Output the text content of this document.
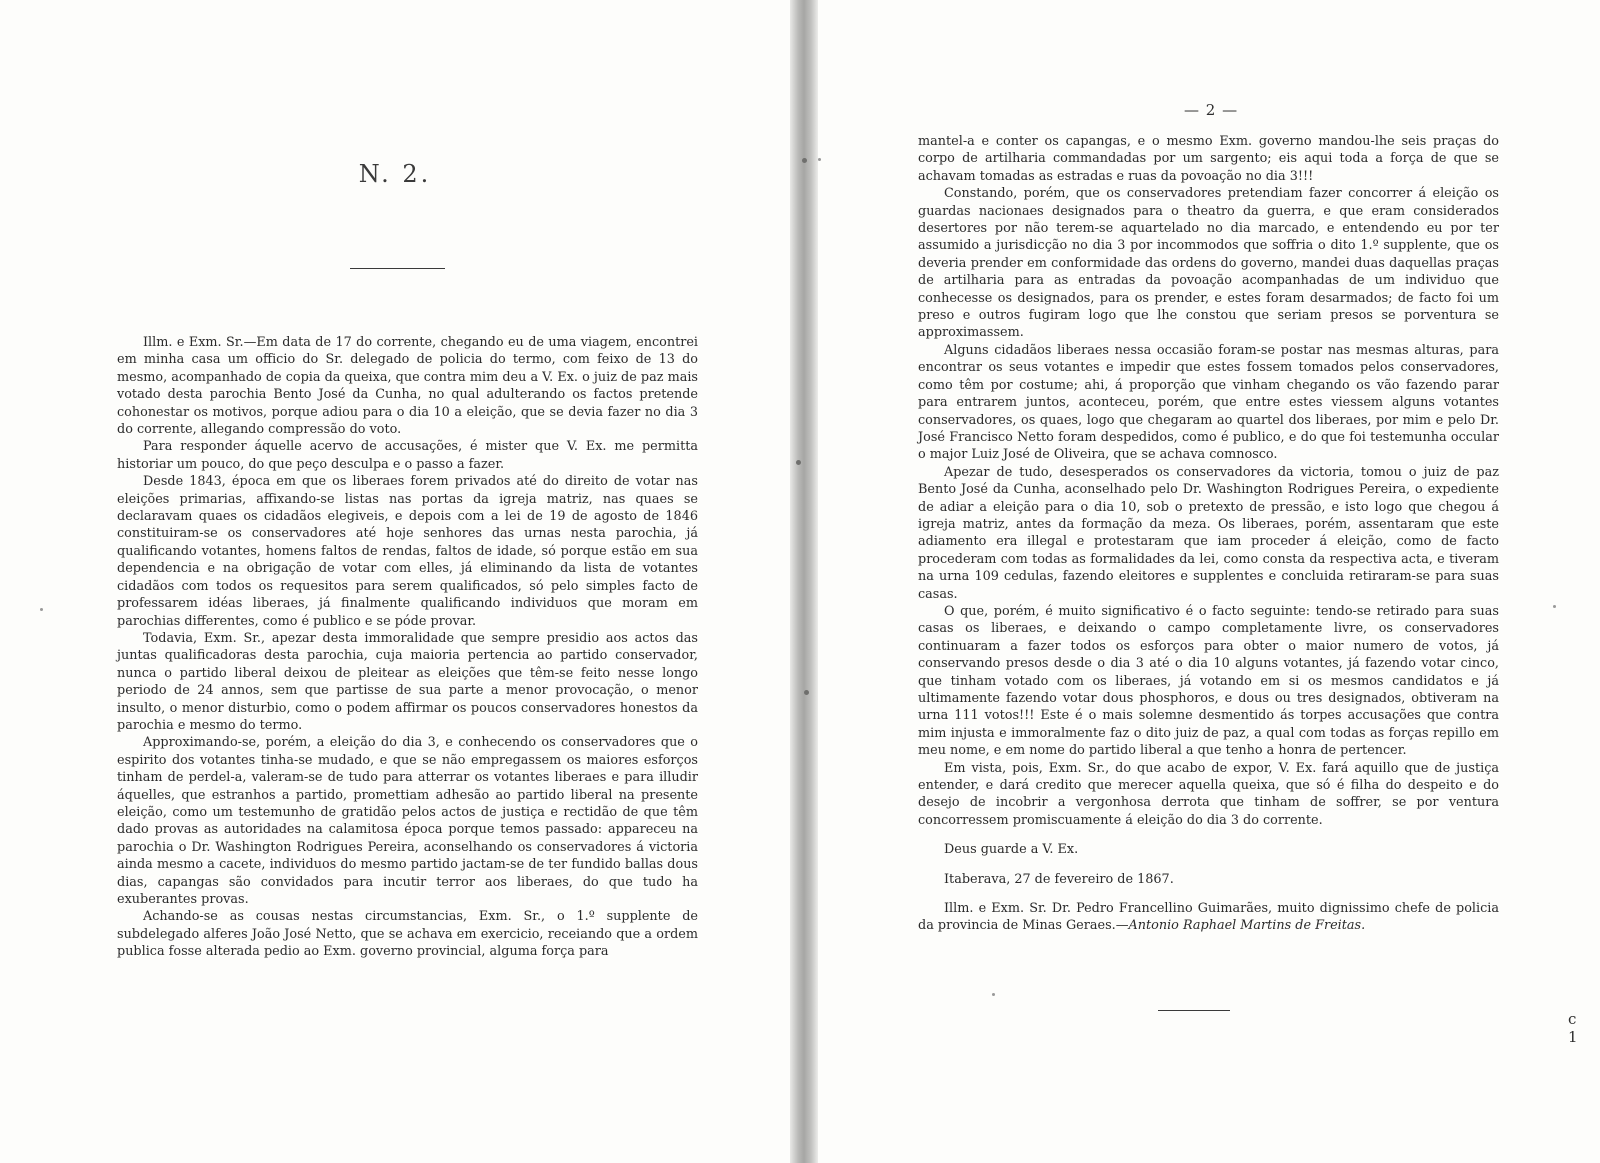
N. 2.

Illm. e Exm. Sr.—Em data de 17 do corrente, chegando eu de uma viagem, encontrei em minha casa um officio do Sr. delegado de policia do termo, com feixo de 13 do mesmo, acompanhado de copia da queixa, que contra mim deu a V. Ex. o juiz de paz mais votado desta parochia Bento José da Cunha, no qual adulterando os factos pretende cohonestar os motivos, porque adiou para o dia 10 a eleição, que se devia fazer no dia 3 do corrente, allegando compressão do voto.

Para responder áquelle acervo de accusações, é mister que V. Ex. me permitta historiar um pouco, do que peço desculpa e o passo a fazer.

Desde 1843, época em que os liberaes forem privados até do direito de votar nas eleições primarias, affixando-se listas nas portas da igreja matriz, nas quaes se declaravam quaes os cidadãos elegiveis, e depois com a lei de 19 de agosto de 1846 constituiram-se os conservadores até hoje senhores das urnas nesta parochia, já qualificando votantes, homens faltos de rendas, faltos de idade, só porque estão em sua dependencia e na obrigação de votar com elles, já eliminando da lista de votantes cidadãos com todos os requesitos para serem qualificados, só pelo simples facto de professarem idéas liberaes, já finalmente qualificando individuos que moram em parochias differentes, como é publico e se póde provar.

Todavia, Exm. Sr., apezar desta immoralidade que sempre presidio aos actos das juntas qualificadoras desta parochia, cuja maioria pertencia ao partido conservador, nunca o partido liberal deixou de pleitear as eleições que têm-se feito nesse longo periodo de 24 annos, sem que partisse de sua parte a menor provocação, o menor insulto, o menor disturbio, como o podem affirmar os poucos conservadores honestos da parochia e mesmo do termo.

Approximando-se, porém, a eleição do dia 3, e conhecendo os conservadores que o espirito dos votantes tinha-se mudado, e que se não empregassem os maiores esforços tinham de perdel-a, valeram-se de tudo para atterrar os votantes liberaes e para illudir áquelles, que estranhos a partido, promettiam adhesão ao partido liberal na presente eleição, como um testemunho de gratidão pelos actos de justiça e rectidão de que têm dado provas as autoridades na calamitosa época porque temos passado: appareceu na parochia o Dr. Washington Rodrigues Pereira, aconselhando os conservadores á victoria ainda mesmo a cacete, individuos do mesmo partido jactam-se de ter fundido ballas dous dias, capangas são convidados para incutir terror aos liberaes, do que tudo ha exuberantes provas.

Achando-se as cousas nestas circumstancias, Exm. Sr., o 1.º supplente de subdelegado alferes João José Netto, que se achava em exercicio, receiando que a ordem publica fosse alterada pedio ao Exm. governo provincial, alguma força para

— 2 —

mantel-a e conter os capangas, e o mesmo Exm. governo mandou-lhe seis praças do corpo de artilharia commandadas por um sargento; eis aqui toda a força de que se achavam tomadas as estradas e ruas da povoação no dia 3!!!

Constando, porém, que os conservadores pretendiam fazer concorrer á eleição os guardas nacionaes designados para o theatro da guerra, e que eram considerados desertores por não terem-se aquartelado no dia marcado, e entendendo eu por ter assumido a jurisdicção no dia 3 por incommodos que soffria o dito 1.º supplente, que os deveria prender em conformidade das ordens do governo, mandei duas daquellas praças de artilharia para as entradas da povoação acompanhadas de um individuo que conhecesse os designados, para os prender, e estes foram desarmados; de facto foi um preso e outros fugiram logo que lhe constou que seriam presos se porventura se approximassem.

Alguns cidadãos liberaes nessa occasião foram-se postar nas mesmas alturas, para encontrar os seus votantes e impedir que estes fossem tomados pelos conservadores, como têm por costume; ahi, á proporção que vinham chegando os vão fazendo parar para entrarem juntos, aconteceu, porém, que entre estes viessem alguns votantes conservadores, os quaes, logo que chegaram ao quartel dos liberaes, por mim e pelo Dr. José Francisco Netto foram despedidos, como é publico, e do que foi testemunha occular o major Luiz José de Oliveira, que se achava comnosco.

Apezar de tudo, desesperados os conservadores da victoria, tomou o juiz de paz Bento José da Cunha, aconselhado pelo Dr. Washington Rodrigues Pereira, o expediente de adiar a eleição para o dia 10, sob o pretexto de pressão, e isto logo que chegou á igreja matriz, antes da formação da meza. Os liberaes, porém, assentaram que este adiamento era illegal e protestaram que iam proceder á eleição, como de facto procederam com todas as formalidades da lei, como consta da respectiva acta, e tiveram na urna 109 cedulas, fazendo eleitores e supplentes e concluida retiraram-se para suas casas.

O que, porém, é muito significativo é o facto seguinte: tendo-se retirado para suas casas os liberaes, e deixando o campo completamente livre, os conservadores continuaram a fazer todos os esforços para obter o maior numero de votos, já conservando presos desde o dia 3 até o dia 10 alguns votantes, já fazendo votar cinco, que tinham votado com os liberaes, já votando em si os mesmos candidatos e já ultimamente fazendo votar dous phosphoros, e dous ou tres designados, obtiveram na urna 111 votos!!! Este é o mais solemne desmentido ás torpes accusações que contra mim injusta e immoralmente faz o dito juiz de paz, a qual com todas as forças repillo em meu nome, e em nome do partido liberal a que tenho a honra de pertencer.

Em vista, pois, Exm. Sr., do que acabo de expor, V. Ex. fará aquillo que de justiça entender, e dará credito que merecer aquella queixa, que só é filha do despeito e do desejo de incobrir a vergonhosa derrota que tinham de soffrer, se por ventura concorressem promiscuamente á eleição do dia 3 do corrente.

Deus guarde a V. Ex.

Itaberava, 27 de fevereiro de 1867.

Illm. e Exm. Sr. Dr. Pedro Francellino Guimarães, muito dignissimo chefe de policia da provincia de Minas Geraes.—Antonio Raphael Martins de Freitas.

c 1
